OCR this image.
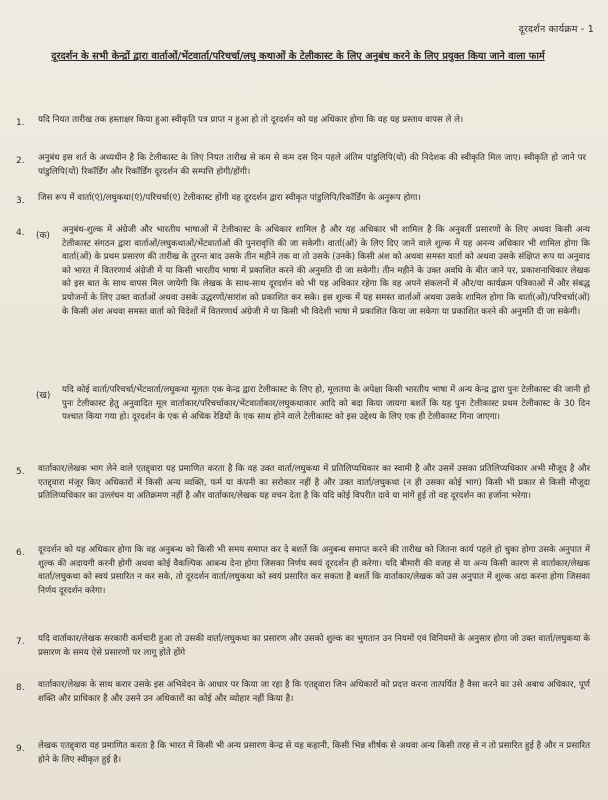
दूरदर्शन कार्यक्रम - 1
दूरदर्शन के सभी केन्द्रों द्वारा वार्ताओं/भेंटवार्ता/परिचर्चा/लघु कथाओं के टेलीकास्ट के लिए अनुबंध करने के लिए प्रयुक्त किया जाने वाला फार्म
1. यदि नियत तारीख तक हस्ताक्षर किया हुआ स्वीकृति पत्र प्राप्त न हुआ हो तो दूरदर्शन को यह अधिकार होगा कि वह यह प्रस्ताव वापस ले ले।
2. अनुबंध इस शर्त के अध्यधीन है कि टेलीकास्ट के लिए नियत तारीख से कम से कम दस दिन पहले अंतिम पांडुलिपि(यों) की निदेशक की स्वीकृति मिल जाए। स्वीकृति हो जाने पर पांडुलिपि(यों) रिकॉर्डिंग और रिकॉर्डिंग दूरदर्शन की सम्पत्ति होगी/होंगी।
3. जिस रूप में वार्ता(एं)/लघुकथा(एं)/परिचर्चा(एं) टेलीकास्ट होंगी वह दूरदर्शन द्वारा स्वीकृत पांडुलिपि/रिकॉर्डिंग के अनुरूप होगा।
4. (क)
अनुबंध-शुल्क में अंग्रेजी और भारतीय भाषाओं में टेलीकास्ट के अधिकार शामिल है और यह अधिकार भी शामिल है कि अनुवर्ती प्रसारणों के लिए अथवा किसी अन्य टेलीकास्ट संगठन द्वारा वार्ताओं/लघुकथाओं/भेंटवार्ताओं की पुनरावृत्ति की जा सकेगी। वार्ता(ओं) के लिए दिए जाने वाले शुल्क में यह अनन्य अधिकार भी शामिल होगा कि वार्ता(ओं) के प्रथम प्रसारण की तारीख के तुरन्त बाद उसके तीन महीने तक वा तो उसके (उनके) किसी अंश को अथवा समस्त वार्ता को अथवा उसके संक्षिप्त रूप या अनुवाद को भारत में वितरणार्थ अंग्रेजी में या किसी भारतीय भाषा में प्रकाशित करने की अनुमति दी जा सकेगी। तीन महीने के उक्त अवधि के बीत जाने पर, प्रकाशनाधिकार लेखक को इस बात के साथ वापस मिल जायेगी कि लेखक के साथ-साथ दूरदर्शन को भी यह अधिकार रहेगा कि वह अपने संकलनों में और/या कार्यक्रम पत्रिकाओं में और संबद्ध प्रयोजनों के लिए उक्त वार्ताओं अथवा उसके उद्धरणों/सारांश को प्रकाशित कर सके। इस शुल्क में यह समस्त वार्ताओं अथवा उसके शामिल होगा कि वार्ता(ओं)/परिचर्चा(ओं) के किसी अंश अथवा समस्त वार्ता को विदेशों में वितरणार्थ अंग्रेजी में या किसी भी विदेशी भाषा में प्रकाशित किया जा सकेगा या प्रकाशित करने की अनुमति दी जा सकेगी।
(ख)
यदि कोई वार्ता/परिचर्चा/भेंटवार्ता/लघुकथा मूलतः एक केन्द्र द्वारा टेलीकास्ट के लिए हो, मूलतया के अपेक्षा किसी भारतीय भाषा में अन्य केन्द्र द्वारा पुनः टेलीकास्ट की जानी हो पुनः टेलीकास्ट हेतु अनुवादित मूल वार्ताकार/परिचर्चाकार/भेंटवार्ताकार/लघुकथाकार आदि को बदा किया जायगा बशर्ते कि यह पुनः टेलीकास्ट प्रथम टेलीकास्ट के 30 दिन पश्चात किया गया हो। दूरदर्शन के एक से अधिक रेडियों के एक साथ होने वाले टेलीकास्ट को इस उद्देश्य के लिए एक ही टेलीकास्ट गिना जाएगा।
5. वार्ताकार/लेखक भाग लेने वाले एतद्द्वारा यह प्रमाणित करता है कि वह उक्त वार्ता/लघुकथा में प्रतिलिप्यधिकार का स्वामी है और उसमें उसका प्रतिलिप्यधिकार अभी मौजूद है और एतद्द्वारा मंजूर किए अधिकारों में किसी अन्य व्यक्ति, फर्म या कंपनी का सरोकार नहीं है और उक्त वार्ता/लघुकथा (न ही उसका कोई भाग) किसी भी प्रकार से किसी मौजूदा प्रतिलिप्यधिकार का उल्लंघन या अतिक्रमण नहीं है और वार्ताकार/लेखक यह वचन देता है कि यदि कोई विपरीत दावे या मांगें हुई तो वह दूरदर्शन का हर्जाना भरेगा।
6. दूरदर्शन को यह अधिकार होगा कि वह अनुबन्ध को किसी भी समय समाप्त कर दे बशर्ते कि अनुबन्ध समाप्त करने की तारीख को जितना कार्य पहले हो चुका होगा उसके अनुपात में शुल्क की अदायगी करनी होगी अथवा कोई वैकल्पिक आबन्ध देना होगा जिसका निर्णय स्वयं दूरदर्शन ही करेगा। यदि बीमारी की वजह से या अन्य किसी कारण से वार्ताकार/लेखक वार्ता/लघुकथा को स्वयं प्रसारित न कर सके, तो दूरदर्शन वार्ता/लघुकथा को स्वयं प्रसारित कर सकता है बशर्ते कि वार्ताकार/लेखक को उस अनुपात में शुल्क अदा करना होगा जिसका निर्णय दूरदर्शन करेगा।
7. यदि वार्ताकार/लेखक सरकारी कर्मचारी हुआ तो उसकी वार्ता/लघुकथा का प्रसारण और उसको शुल्क का भुगतान उन नियमों एवं विनियमों के अनुसार होगा जो उक्त वार्ता/लघुकथा के प्रसारण के समय ऐसे प्रसारणों पर लागू होते होंगे
8. वार्ताकार/लेखक के साथ करार उसके इस अभिवेदन के आधार पर किया जा रहा है कि एतद्द्वारा जिन अधिकारों को प्रदत्त करना तात्पर्यित है वैसा करने का उसे अबाध अधिकार, पूर्ण शक्ति और प्राधिकार है और उसने उन अधिकारों का कोई और व्योहार नहीं किया है।
9. लेखक एतद्द्वारा यह प्रमाणित करता है कि भारत में किसी भी अन्य प्रसारण केन्द्र से यह कहानी, किसी भिन्न शीर्षक से अथवा अन्य किसी तरह से न तो प्रसारित हुई है और न प्रसारित होने के लिए स्वीकृत हुई है।
